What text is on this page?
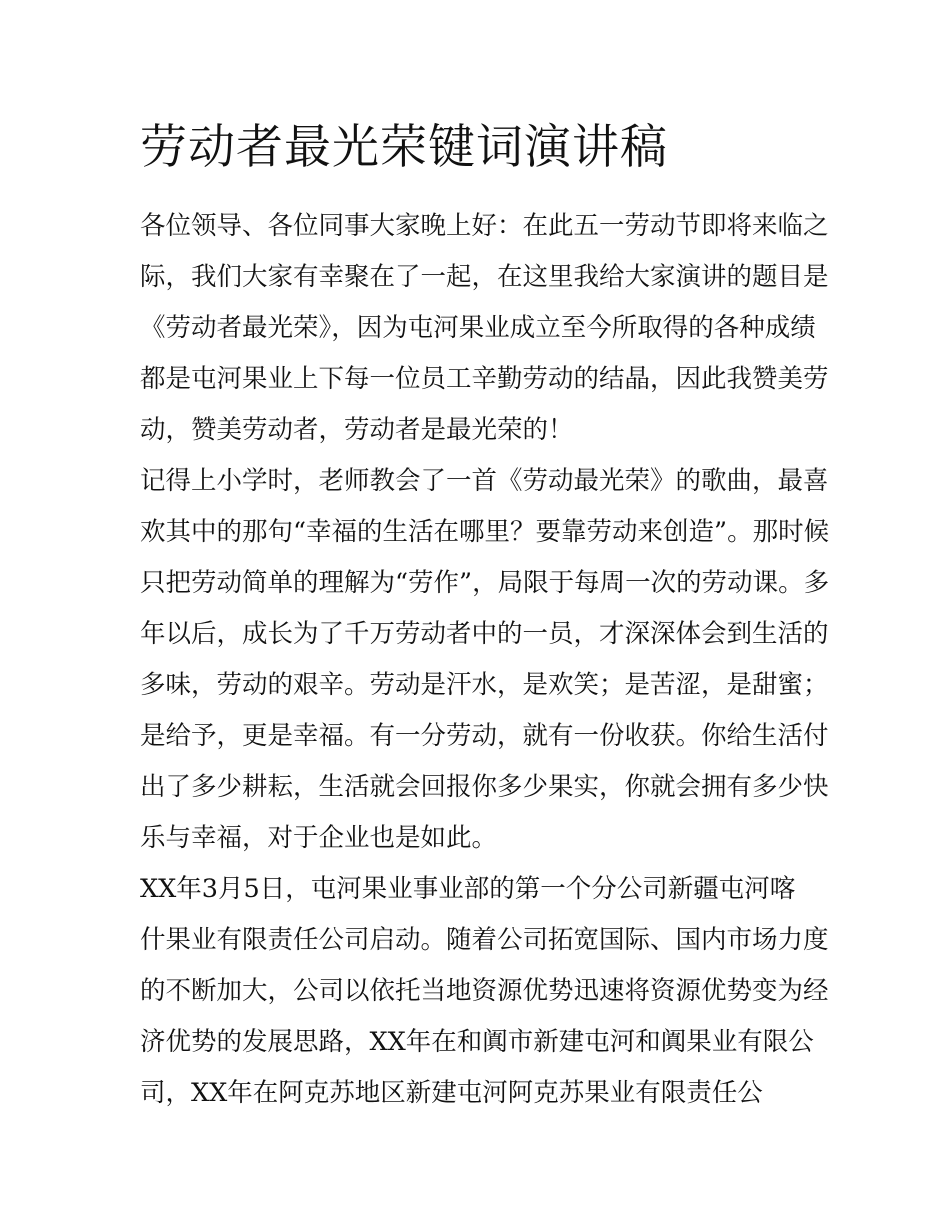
劳动者最光荣键词演讲稿
各位领导、各位同事大家晚上好：在此五一劳动节即将来临之
际，我们大家有幸聚在了一起，在这里我给大家演讲的题目是
《劳动者最光荣》，因为屯河果业成立至今所取得的各种成绩
都是屯河果业上下每一位员工辛勤劳动的结晶，因此我赞美劳
动，赞美劳动者，劳动者是最光荣的！
记得上小学时，老师教会了一首《劳动最光荣》的歌曲，最喜
欢其中的那句“幸福的生活在哪里？要靠劳动来创造”。那时候
只把劳动简单的理解为“劳作”，局限于每周一次的劳动课。多
年以后，成长为了千万劳动者中的一员，才深深体会到生活的
多味，劳动的艰辛。劳动是汗水，是欢笑；是苦涩，是甜蜜；
是给予，更是幸福。有一分劳动，就有一份收获。你给生活付
出了多少耕耘，生活就会回报你多少果实，你就会拥有多少快
乐与幸福，对于企业也是如此。
XX年3月5日，屯河果业事业部的第一个分公司新疆屯河喀
什果业有限责任公司启动。随着公司拓宽国际、国内市场力度
的不断加大，公司以依托当地资源优势迅速将资源优势变为经
济优势的发展思路，XX年在和阗市新建屯河和阗果业有限公
司，XX年在阿克苏地区新建屯河阿克苏果业有限责任公
